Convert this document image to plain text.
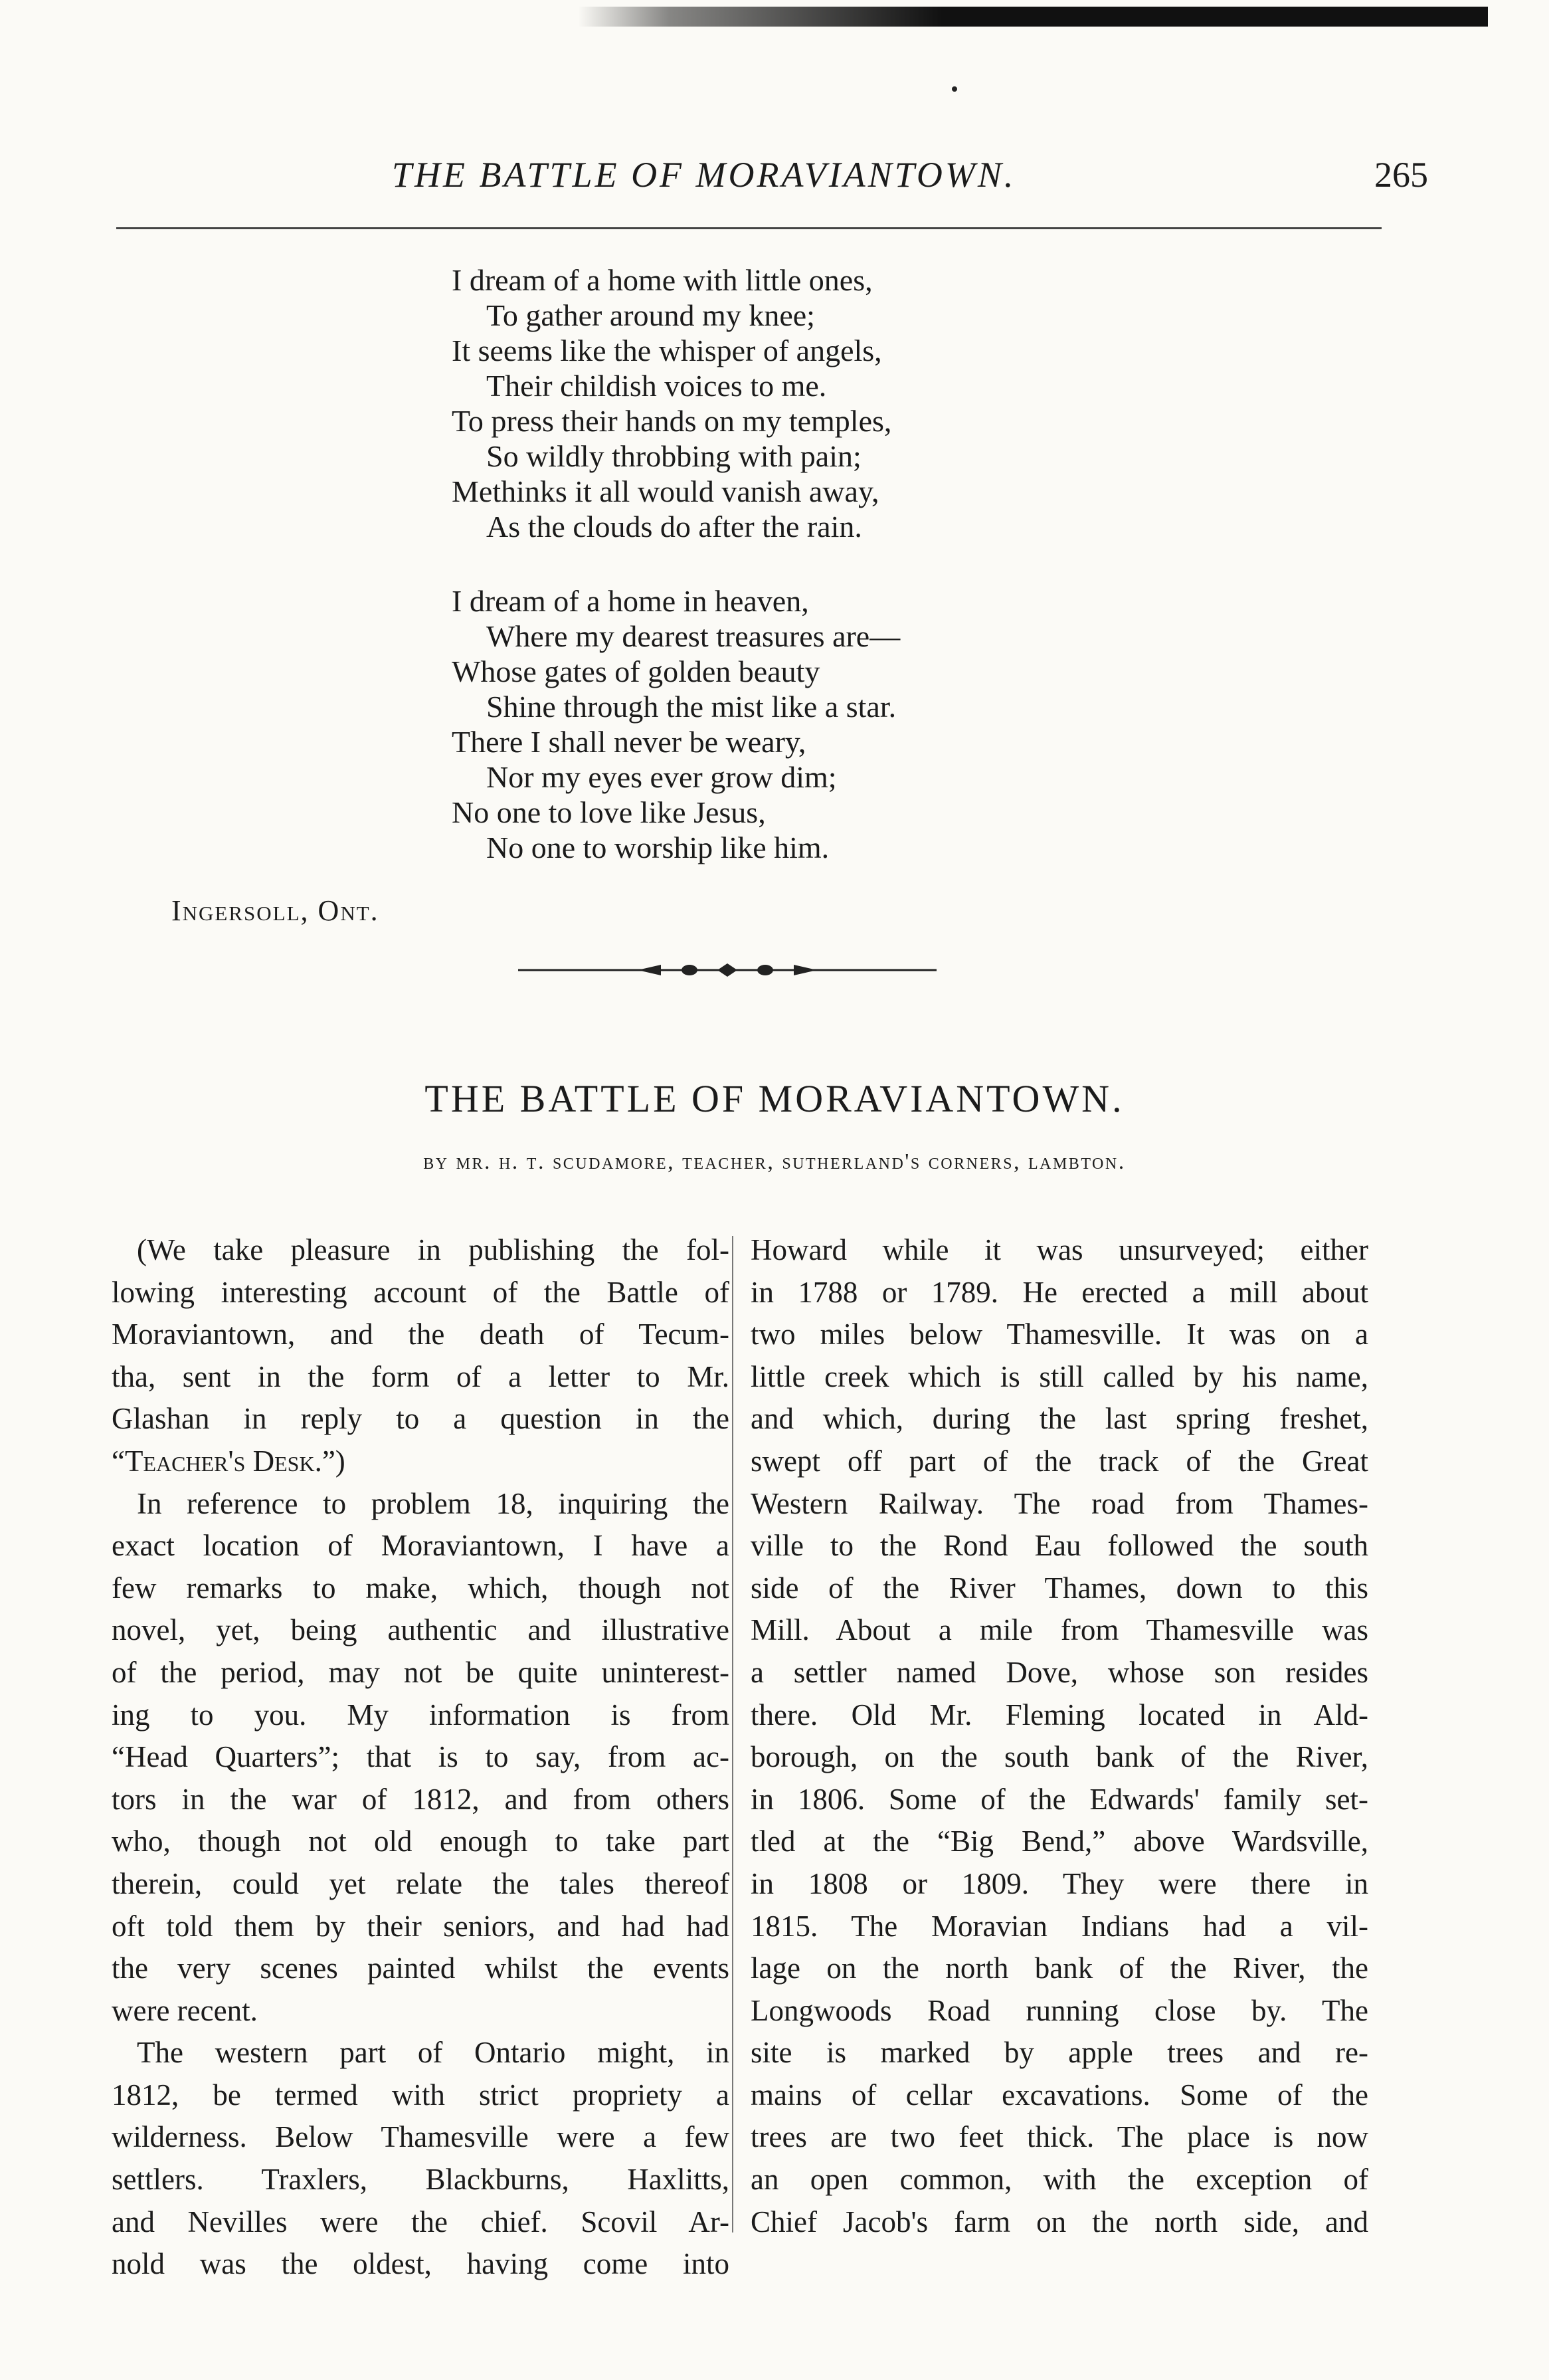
THE BATTLE OF MORAVIANTOWN.	265
I dream of a home with little ones,
To gather around my knee;
It seems like the whisper of angels,
Their childish voices to me.
To press their hands on my temples,
So wildly throbbing with pain;
Methinks it all would vanish away,
As the clouds do after the rain.
I dream of a home in heaven,
Where my dearest treasures are—
Whose gates of golden beauty
Shine through the mist like a star.
There I shall never be weary,
Nor my eyes ever grow dim;
No one to love like Jesus,
No one to worship like him.
Ingersoll, Ont.
THE BATTLE OF MORAVIANTOWN.
by mr. h. t. scudamore, teacher, sutherland's corners, lambton.
(We take pleasure in publishing the fol-
lowing interesting account of the Battle of
Moraviantown, and the death of Tecum-
tha, sent in the form of a letter to Mr.
Glashan in reply to a question in the
“Teacher's Desk.”)
In reference to problem 18, inquiring the
exact location of Moraviantown, I have a
few remarks to make, which, though not
novel, yet, being authentic and illustrative
of the period, may not be quite uninterest-
ing to you. My information is from
“Head Quarters”; that is to say, from ac-
tors in the war of 1812, and from others
who, though not old enough to take part
therein, could yet relate the tales thereof
oft told them by their seniors, and had had
the very scenes painted whilst the events
were recent.
The western part of Ontario might, in
1812, be termed with strict propriety a
wilderness. Below Thamesville were a few
settlers. Traxlers, Blackburns, Haxlitts,
and Nevilles were the chief. Scovil Ar-
nold was the oldest, having come into
Howard while it was unsurveyed; either
in 1788 or 1789. He erected a mill about
two miles below Thamesville. It was on a
little creek which is still called by his name,
and which, during the last spring freshet,
swept off part of the track of the Great
Western Railway. The road from Thames-
ville to the Rond Eau followed the south
side of the River Thames, down to this
Mill. About a mile from Thamesville was
a settler named Dove, whose son resides
there. Old Mr. Fleming located in Ald-
borough, on the south bank of the River,
in 1806. Some of the Edwards' family set-
tled at the “Big Bend,” above Wardsville,
in 1808 or 1809. They were there in
1815. The Moravian Indians had a vil-
lage on the north bank of the River, the
Longwoods Road running close by. The
site is marked by apple trees and re-
mains of cellar excavations. Some of the
trees are two feet thick. The place is now
an open common, with the exception of
Chief Jacob's farm on the north side, and
